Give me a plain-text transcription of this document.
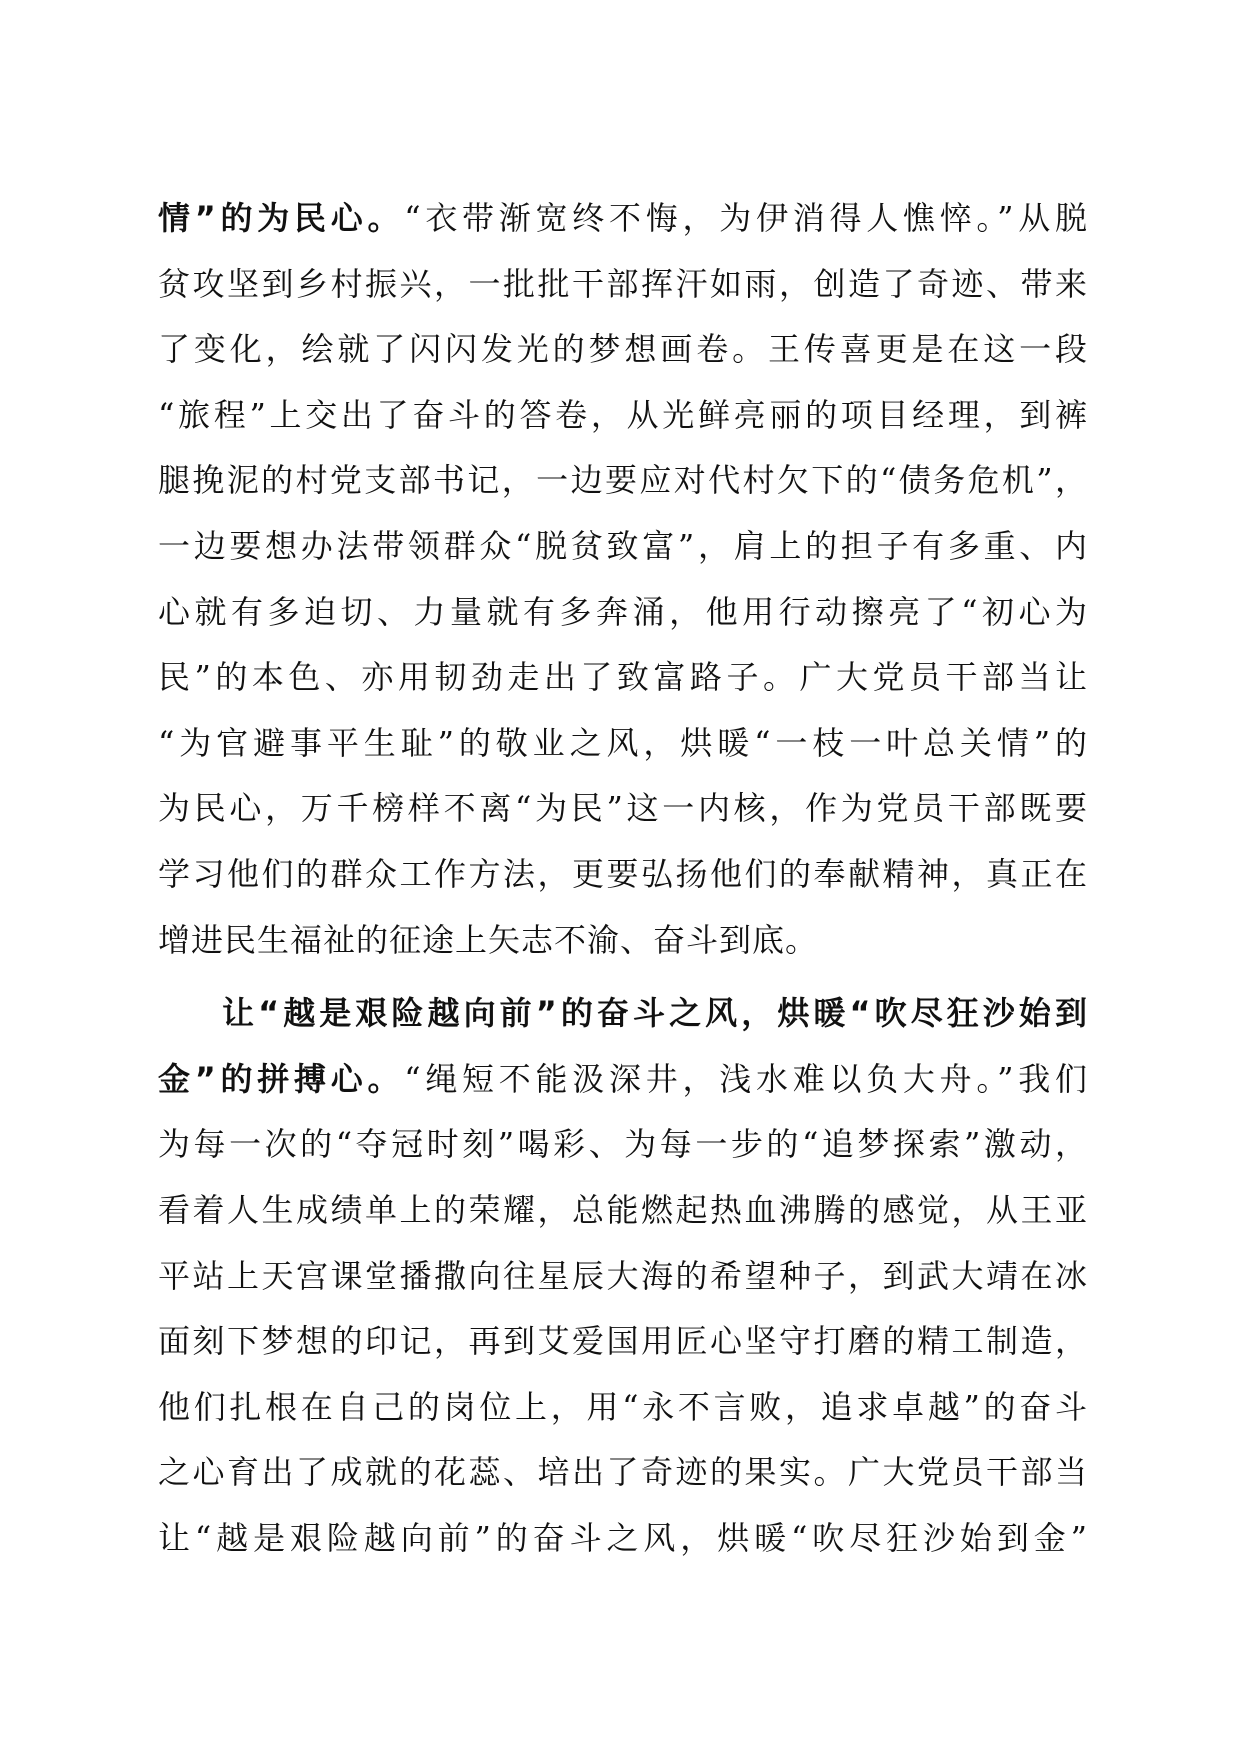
情”的为民心。“衣带渐宽终不悔，为伊消得人憔悴。”从脱
贫攻坚到乡村振兴，一批批干部挥汗如雨，创造了奇迹、带来
了变化，绘就了闪闪发光的梦想画卷。王传喜更是在这一段
“旅程”上交出了奋斗的答卷，从光鲜亮丽的项目经理，到裤
腿挽泥的村党支部书记，一边要应对代村欠下的“债务危机”，
一边要想办法带领群众“脱贫致富”，肩上的担子有多重、内
心就有多迫切、力量就有多奔涌，他用行动擦亮了“初心为
民”的本色、亦用韧劲走出了致富路子。广大党员干部当让
“为官避事平生耻”的敬业之风，烘暖“一枝一叶总关情”的
为民心，万千榜样不离“为民”这一内核，作为党员干部既要
学习他们的群众工作方法，更要弘扬他们的奉献精神，真正在
增进民生福祉的征途上矢志不渝、奋斗到底。
让“越是艰险越向前”的奋斗之风，烘暖“吹尽狂沙始到
金”的拼搏心。“绳短不能汲深井，浅水难以负大舟。”我们
为每一次的“夺冠时刻”喝彩、为每一步的“追梦探索”激动，
看着人生成绩单上的荣耀，总能燃起热血沸腾的感觉，从王亚
平站上天宫课堂播撒向往星辰大海的希望种子，到武大靖在冰
面刻下梦想的印记，再到艾爱国用匠心坚守打磨的精工制造，
他们扎根在自己的岗位上，用“永不言败，追求卓越”的奋斗
之心育出了成就的花蕊、培出了奇迹的果实。广大党员干部当
让“越是艰险越向前”的奋斗之风，烘暖“吹尽狂沙始到金”
